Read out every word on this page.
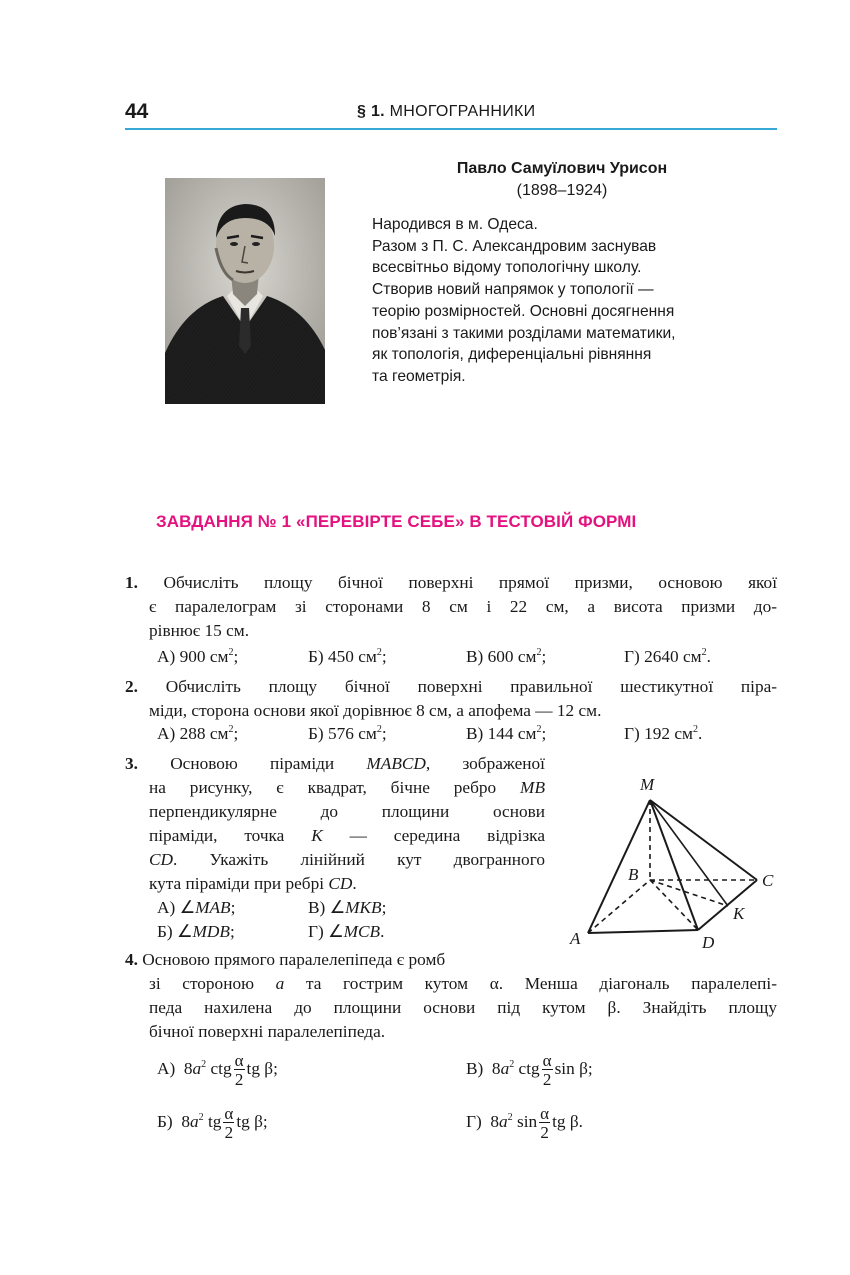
44	§ 1. МНОГОГРАННИКИ
Павло Самуїлович Урисон
(1898–1924)
Народився в м. Одеса.
Разом з П. С. Александровим заснував
всесвітньо відому топологічну школу.
Створив новий напрямок у топології —
теорію розмірностей. Основні досягнення
пов’язані з такими розділами математики,
як топологія, диференціальні рівняння
та геометрія.
ЗАВДАННЯ № 1 «ПЕРЕВІРТЕ СЕБЕ» В ТЕСТОВІЙ ФОРМІ
1. Обчисліть площу бічної поверхні прямої призми, основою якої
є паралелограм зі сторонами 8 см і 22 см, а висота призми до-
рівнює 15 см.
А) 900 $см^2$;	Б) 450 $см^2$;	В) 600 $см^2$;	Г) 2640 $см^2$.
2. Обчисліть площу бічної поверхні правильної шестикутної піра-
міди, сторона основи якої дорівнює 8 см, а апофема — 12 см.
А) 288 $см^2$;	Б) 576 $см^2$;	В) 144 $см^2$;	Г) 192 $см^2$.
3. Основою піраміди MABCD, зображеної
на рисунку, є квадрат, бічне ребро MB
перпендикулярне до площини основи
піраміди, точка K — середина відрізка
CD. Укажіть лінійний кут двогранного
кута піраміди при ребрі CD.
А) ∠MAB;	В) ∠MKB;
Б) ∠MDB;	Г) ∠MCB.
M
B	C
K
A	D
4. Основою прямого паралелепіпеда є ромб
зі стороною a та гострим кутом α. Менша діагональ паралелепі-
педа нахилена до площини основи під кутом β. Знайдіть площу
бічної поверхні паралелепіпеда.
А) $8a^2$ ctg $\frac{\alpha}{2}$ tg β;	В) $8a^2$ ctg $\frac{\alpha}{2}$ sin β;
Б) $8a^2$ tg $\frac{\alpha}{2}$ tg β;	Г) $8a^2$ $\sin \frac{\alpha}{2}$ tg β.
